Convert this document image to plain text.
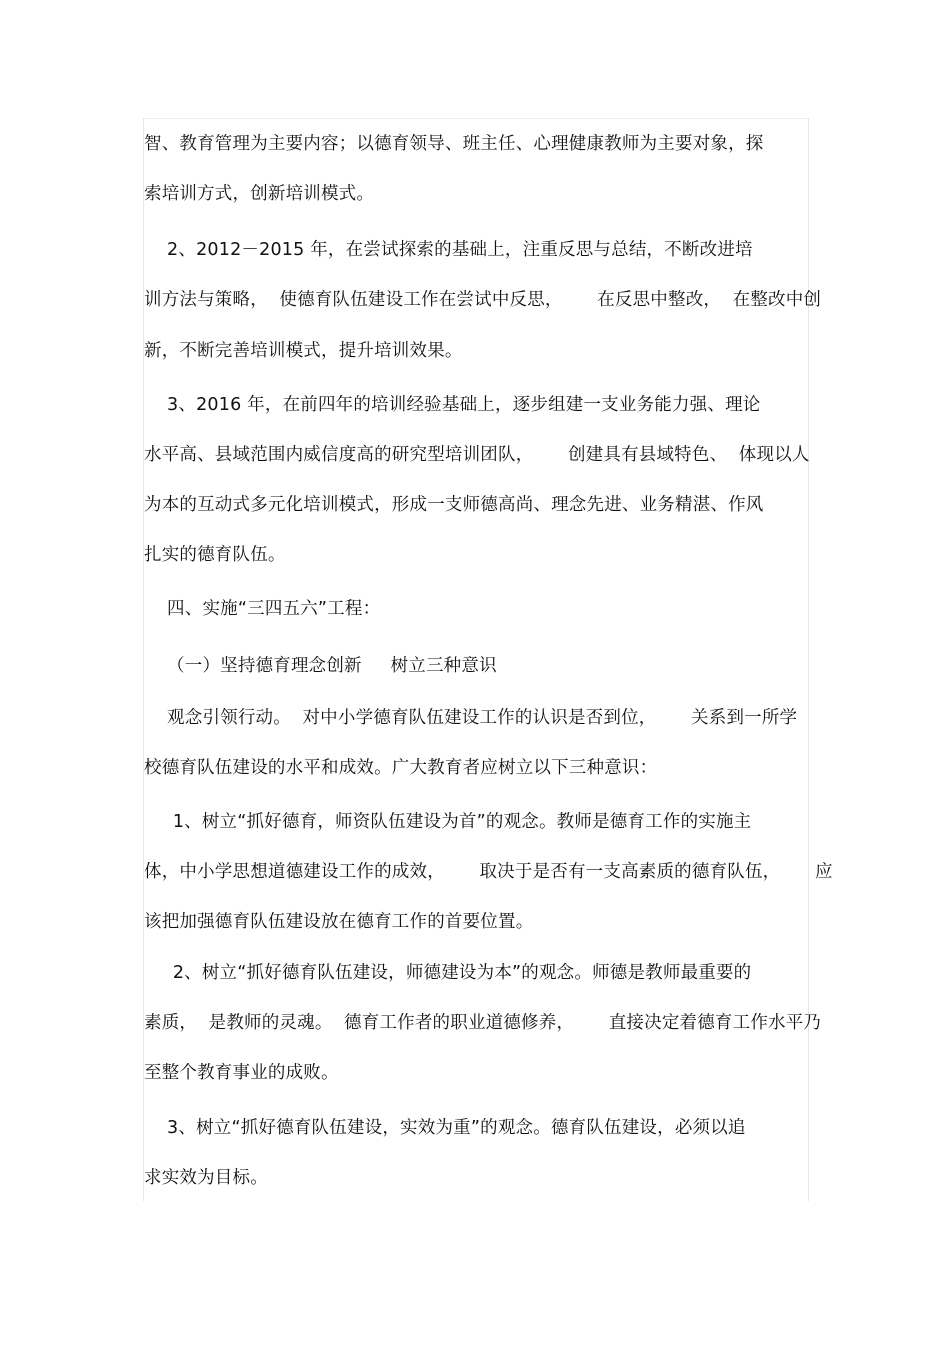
智、教育管理为主要内容；以德育领导、班主任、心理健康教师为主要对象，探

索培训方式，创新培训模式。

2、2012－2015 年，在尝试探索的基础上，注重反思与总结，不断改进培

训方法与策略，  使德育队伍建设工作在尝试中反思，      在反思中整改，  在整改中创

新，不断完善培训模式，提升培训效果。

3、2016 年，在前四年的培训经验基础上，逐步组建一支业务能力强、理论

水平高、县域范围内威信度高的研究型培训团队，      创建具有县域特色、  体现以人

为本的互动式多元化培训模式，形成一支师德高尚、理念先进、业务精湛、作风

扎实的德育队伍。

四、实施“三四五六”工程：

（一）坚持德育理念创新     树立三种意识

观念引领行动。  对中小学德育队伍建设工作的认识是否到位，      关系到一所学

校德育队伍建设的水平和成效。广大教育者应树立以下三种意识：

1、树立“抓好德育，师资队伍建设为首”的观念。教师是德育工作的实施主

体，中小学思想道德建设工作的成效，      取决于是否有一支高素质的德育队伍，      应

该把加强德育队伍建设放在德育工作的首要位置。

2、树立“抓好德育队伍建设，师德建设为本”的观念。师德是教师最重要的

素质，  是教师的灵魂。  德育工作者的职业道德修养，      直接决定着德育工作水平乃

至整个教育事业的成败。

3、树立“抓好德育队伍建设，实效为重”的观念。德育队伍建设，必须以追

求实效为目标。
